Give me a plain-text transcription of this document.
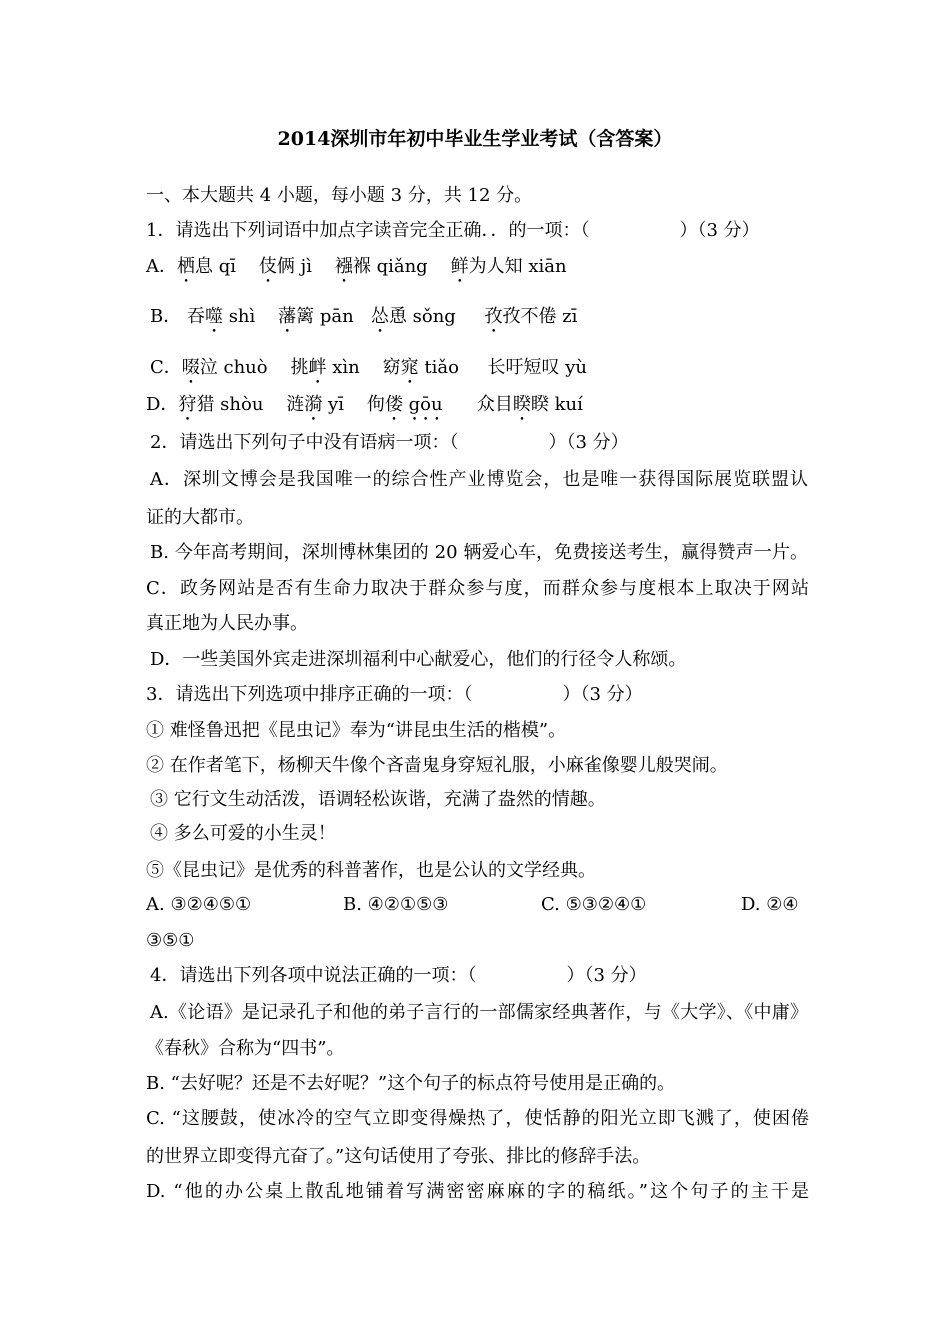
2014深圳市年初中毕业生学业考试（含答案）
一、本大题共 4 小题，每小题 3 分，共 12 分。
1．请选出下列词语中加点字读音完全正确．．的一项：（　　　　　）（3 分）
A．栖息 qī 伎俩 jì 襁褓 qiǎng 鲜为人知 xiān
B． 吞噬 shì 藩篱 pān 怂恿 sǒng 孜孜不倦 zī
C．啜泣 chuò 挑衅 xìn 窈窕 tiǎo 长吁短叹 yù
D．狩猎 shòu 涟漪 yī 佝偻 gōu 众目睽睽 kuí
2．请选出下列句子中没有语病一项：（　　　　　）（3 分）
A．深圳文博会是我国唯一的综合性产业博览会，也是唯一获得国际展览联盟认
证的大都市。
B. 今年高考期间，深圳博林集团的 20 辆爱心车，免费接送考生，赢得赞声一片。
C．政务网站是否有生命力取决于群众参与度，而群众参与度根本上取决于网站
真正地为人民办事。
D．一些美国外宾走进深圳福利中心献爱心，他们的行径令人称颂。
3．请选出下列选项中排序正确的一项：（　　　　　）（3 分）
① 难怪鲁迅把《昆虫记》奉为“讲昆虫生活的楷模”。
② 在作者笔下，杨柳天牛像个吝啬鬼身穿短礼服，小麻雀像婴儿般哭闹。
③ 它行文生动活泼，语调轻松诙谐，充满了盎然的情趣。
④ 多么可爱的小生灵！
⑤《昆虫记》是优秀的科普著作，也是公认的文学经典。
A. ③②④⑤①	B. ④②①⑤③	C. ⑤③②④①	D. ②④
③⑤①
4．请选出下列各项中说法正确的一项：（　　　　　）（3 分）
A.《论语》是记录孔子和他的弟子言行的一部儒家经典著作，与《大学》、《中庸》
《春秋》合称为“四书”。
B. “去好呢？还是不去好呢？”这个句子的标点符号使用是正确的。
C. “这腰鼓，使冰冷的空气立即变得燥热了，使恬静的阳光立即飞溅了，使困倦
的世界立即变得亢奋了。”这句话使用了夸张、排比的修辞手法。
D. “他的办公桌上散乱地铺着写满密密麻麻的字的稿纸。”这个句子的主干是
